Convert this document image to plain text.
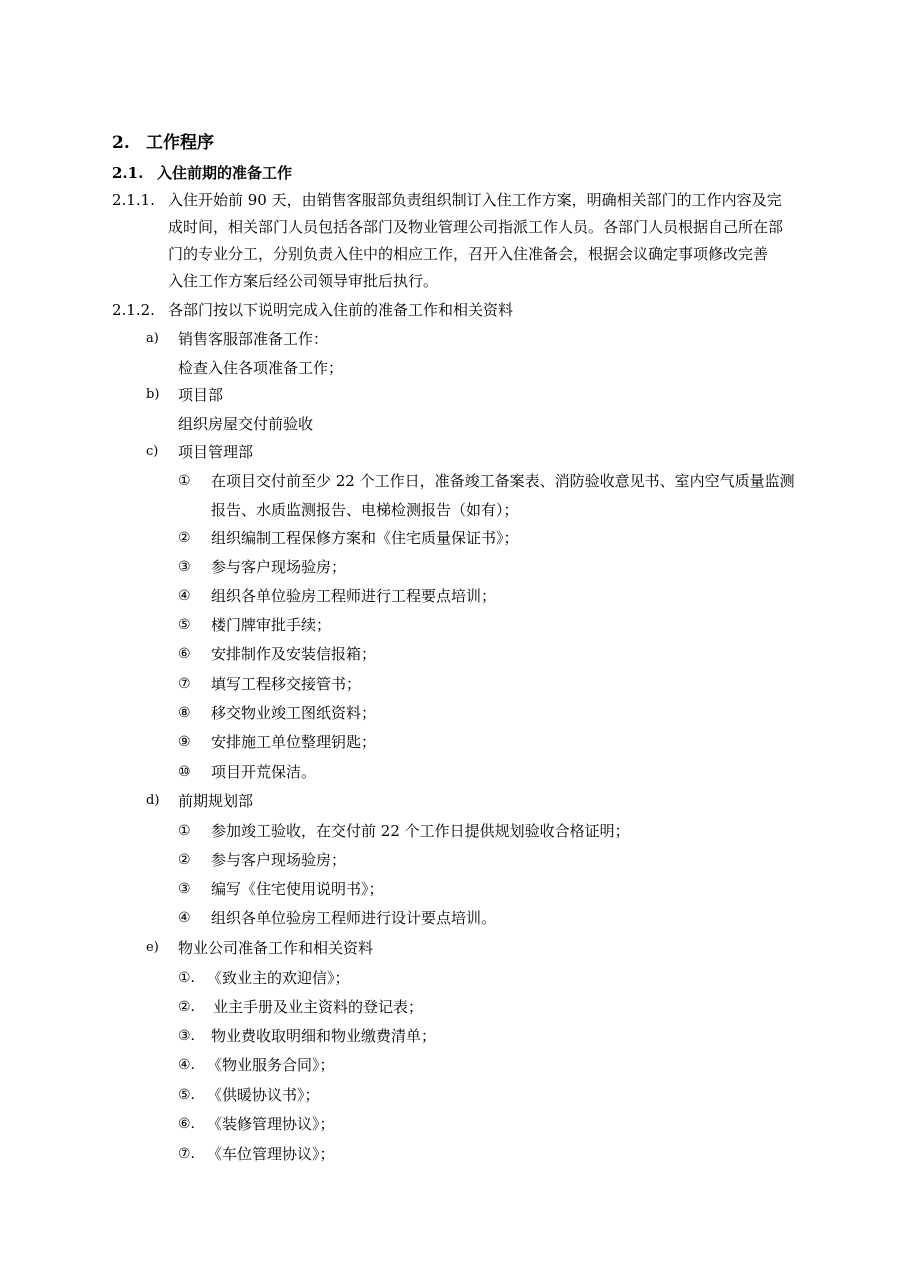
2. 工作程序
2.1. 入住前期的准备工作
2.1.1. 入住开始前 90 天，由销售客服部负责组织制订入住工作方案，明确相关部门的工作内容及完
成时间，相关部门人员包括各部门及物业管理公司指派工作人员。各部门人员根据自己所在部
门的专业分工，分别负责入住中的相应工作，召开入住准备会，根据会议确定事项修改完善
入住工作方案后经公司领导审批后执行。
2.1.2. 各部门按以下说明完成入住前的准备工作和相关资料
a) 销售客服部准备工作：
检查入住各项准备工作；
b) 项目部
组织房屋交付前验收
c) 项目管理部
① 在项目交付前至少 22 个工作日，准备竣工备案表、消防验收意见书、室内空气质量监测
报告、水质监测报告、电梯检测报告（如有）；
② 组织编制工程保修方案和《住宅质量保证书》；
③ 参与客户现场验房；
④ 组织各单位验房工程师进行工程要点培训；
⑤ 楼门牌审批手续；
⑥ 安排制作及安装信报箱；
⑦ 填写工程移交接管书；
⑧ 移交物业竣工图纸资料；
⑨ 安排施工单位整理钥匙；
⑩ 项目开荒保洁。
d) 前期规划部
① 参加竣工验收，在交付前 22 个工作日提供规划验收合格证明；
② 参与客户现场验房；
③ 编写《住宅使用说明书》；
④ 组织各单位验房工程师进行设计要点培训。
e) 物业公司准备工作和相关资料
①. 《致业主的欢迎信》；
②. 业主手册及业主资料的登记表；
③. 物业费收取明细和物业缴费清单；
④. 《物业服务合同》；
⑤. 《供暖协议书》；
⑥. 《装修管理协议》；
⑦. 《车位管理协议》；
